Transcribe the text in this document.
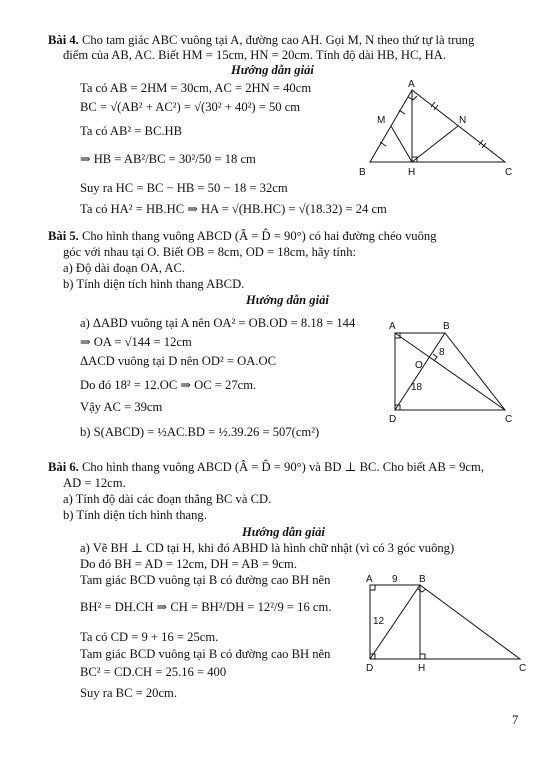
Bài 4. Cho tam giác ABC vuông tại A, đường cao AH. Gọi M, N theo thứ tự là trung
điểm của AB, AC. Biết HM = 15cm, HN = 20cm. Tính độ dài HB, HC, HA.
Hướng dẫn giải
Ta có AB = 2HM = 30cm, AC = 2HN = 40cm
BC = √(AB² + AC²) = √(30² + 40²) = 50 cm
Ta có AB² = BC.HB
⇒ HB = AB²/BC = 30²/50 = 18 cm
Suy ra HC = BC − HB = 50 − 18 = 32cm
Ta có HA² = HB.HC ⇒ HA = √(HB.HC) = √(18.32) = 24 cm
A
B	C
H
M	N
Bài 5. Cho hình thang vuông ABCD (Â = D̂ = 90°) có hai đường chéo vuông
góc với nhau tại O. Biết OB = 8cm, OD = 18cm, hãy tính:
a) Độ dài đoạn OA, AC.
b) Tính diện tích hình thang ABCD.
Hướng dẫn giải
a) ΔABD vuông tại A nên OA² = OB.OD = 8.18 = 144
⇒ OA = √144 = 12cm
ΔACD vuông tại D nên OD² = OA.OC
Do đó 18² = 12.OC ⇒ OC = 27cm.
Vậy AC = 39cm
b) S(ABCD) = ½AC.BD = ½.39.26 = 507(cm²)
A	B
C
D
O
8
18
Bài 6. Cho hình thang vuông ABCD (Â = D̂ = 90°) và BD ⊥ BC. Cho biết AB = 9cm,
AD = 12cm.
a) Tính độ dài các đoạn thẳng BC và CD.
b) Tính diện tích hình thang.
Hướng dẫn giải
a) Vẽ BH ⊥ CD tại H, khi đó ABHD là hình chữ nhật (vì có 3 góc vuông)
Do đó BH = AD = 12cm, DH = AB = 9cm.
Tam giác BCD vuông tại B có đường cao BH nên
BH² = DH.CH ⇒ CH = BH²/DH = 12²/9 = 16 cm.
Ta có CD = 9 + 16 = 25cm.
Tam giác BCD vuông tại B có đường cao BH nên
BC² = CD.CH = 25.16 = 400
Suy ra BC = 20cm.
A	B
C
D	H
9
12
7
